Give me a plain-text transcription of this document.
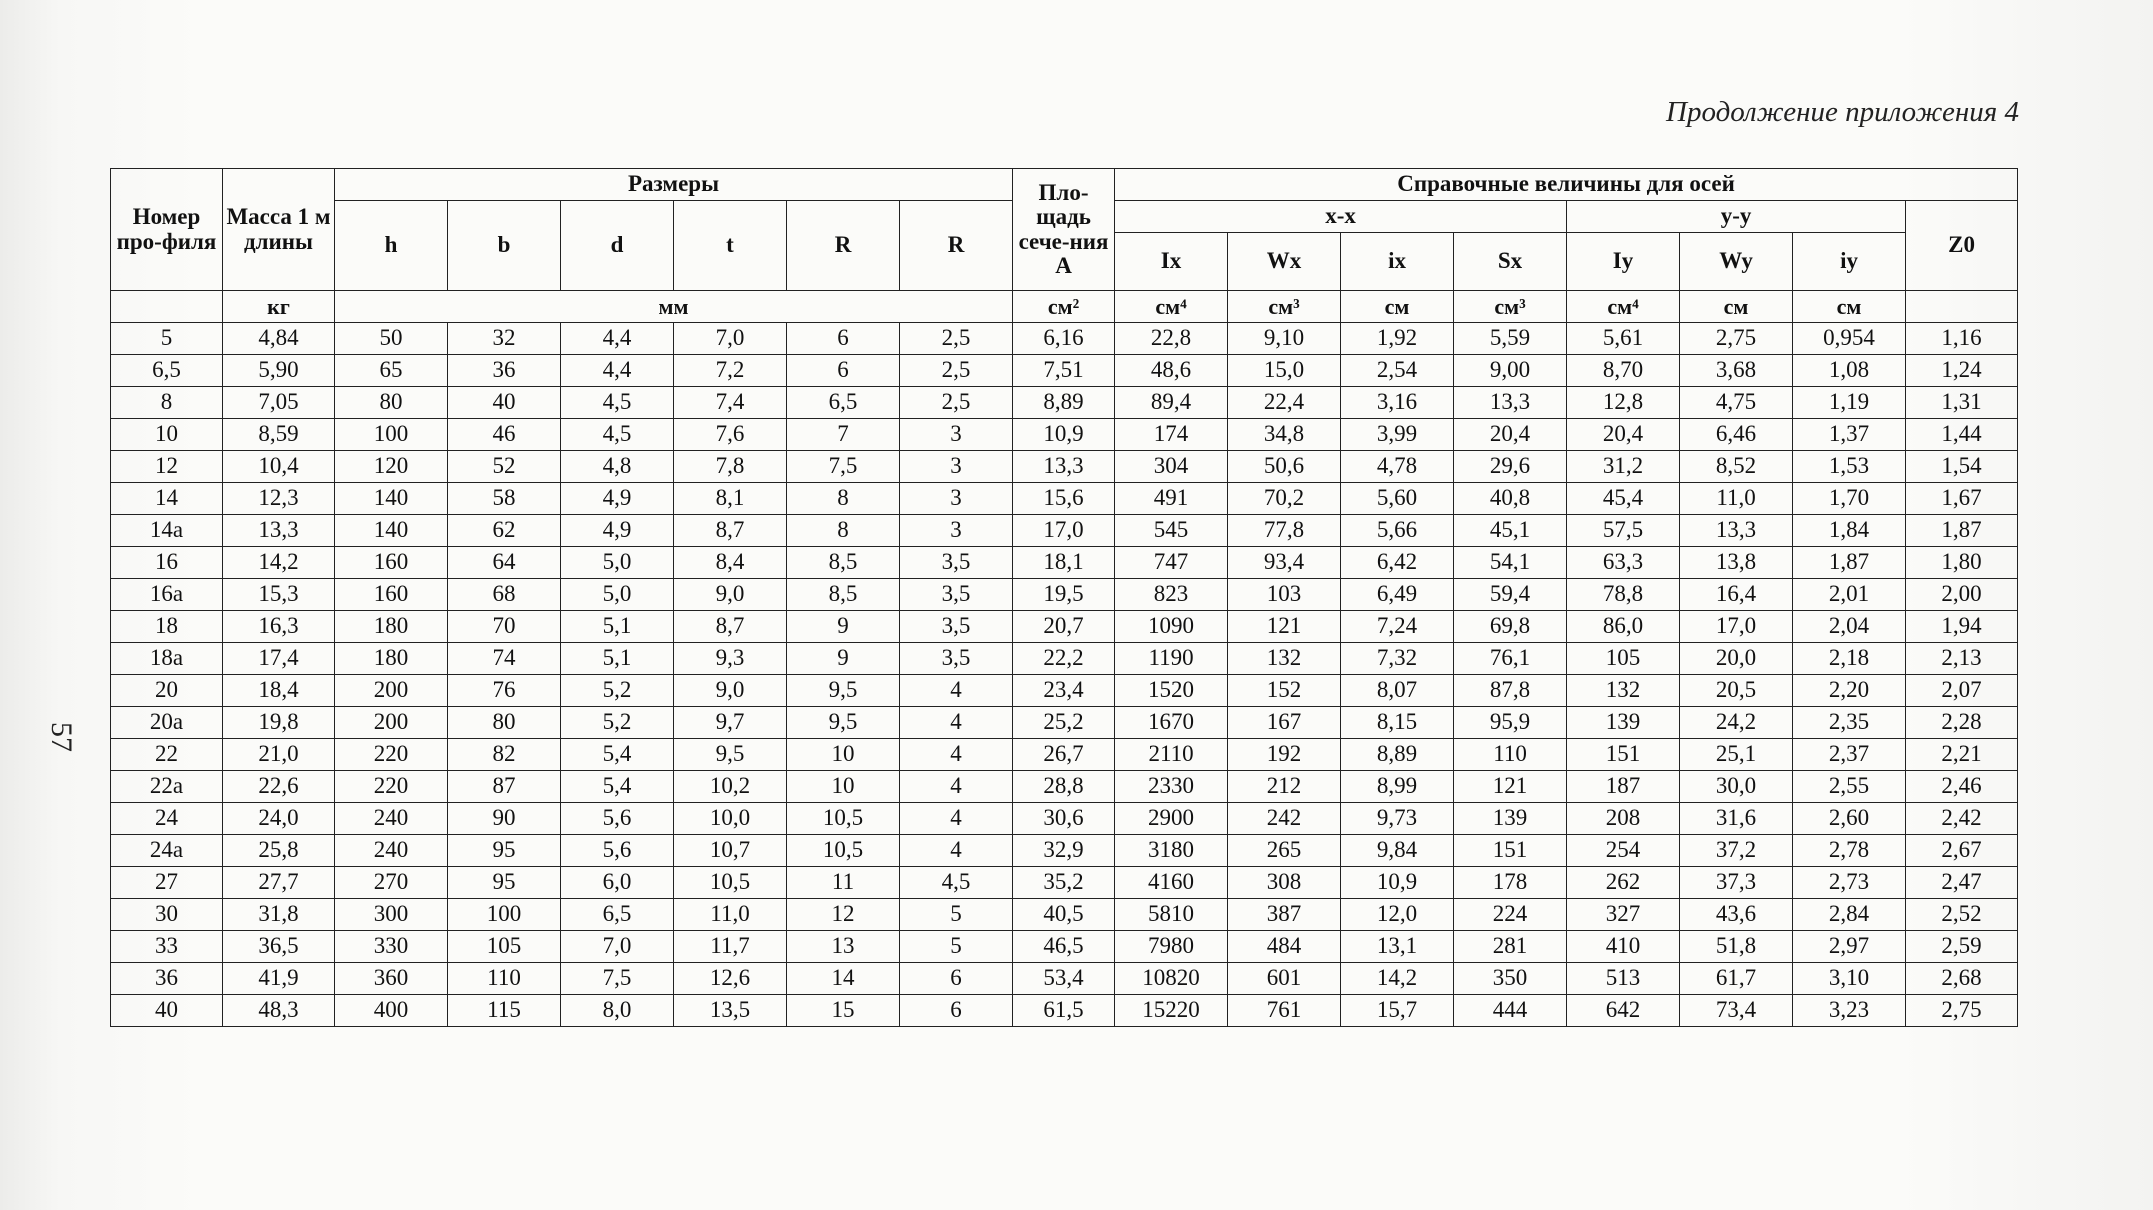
Продолжение приложения 4
57
Номер про-филя	Масса 1 м длины	Размеры						Пло-щадь сече-ния A	Справочные величины для осей							
		h	b	d	t	R	R		x-x				y-y			Z0
									Ix	Wx	ix	Sx	Iy	Wy	iy	

	кг	мм						см²	см⁴	см³	см	см³	см⁴	см	см	
5	4,84	50	32	4,4	7,0	6	2,5	6,16	22,8	9,10	1,92	5,59	5,61	2,75	0,954	1,16
6,5	5,90	65	36	4,4	7,2	6	2,5	7,51	48,6	15,0	2,54	9,00	8,70	3,68	1,08	1,24
8	7,05	80	40	4,5	7,4	6,5	2,5	8,89	89,4	22,4	3,16	13,3	12,8	4,75	1,19	1,31
10	8,59	100	46	4,5	7,6	7	3	10,9	174	34,8	3,99	20,4	20,4	6,46	1,37	1,44
12	10,4	120	52	4,8	7,8	7,5	3	13,3	304	50,6	4,78	29,6	31,2	8,52	1,53	1,54
14	12,3	140	58	4,9	8,1	8	3	15,6	491	70,2	5,60	40,8	45,4	11,0	1,70	1,67
14а	13,3	140	62	4,9	8,7	8	3	17,0	545	77,8	5,66	45,1	57,5	13,3	1,84	1,87
16	14,2	160	64	5,0	8,4	8,5	3,5	18,1	747	93,4	6,42	54,1	63,3	13,8	1,87	1,80
16а	15,3	160	68	5,0	9,0	8,5	3,5	19,5	823	103	6,49	59,4	78,8	16,4	2,01	2,00
18	16,3	180	70	5,1	8,7	9	3,5	20,7	1090	121	7,24	69,8	86,0	17,0	2,04	1,94
18а	17,4	180	74	5,1	9,3	9	3,5	22,2	1190	132	7,32	76,1	105	20,0	2,18	2,13
20	18,4	200	76	5,2	9,0	9,5	4	23,4	1520	152	8,07	87,8	132	20,5	2,20	2,07
20а	19,8	200	80	5,2	9,7	9,5	4	25,2	1670	167	8,15	95,9	139	24,2	2,35	2,28
22	21,0	220	82	5,4	9,5	10	4	26,7	2110	192	8,89	110	151	25,1	2,37	2,21
22а	22,6	220	87	5,4	10,2	10	4	28,8	2330	212	8,99	121	187	30,0	2,55	2,46
24	24,0	240	90	5,6	10,0	10,5	4	30,6	2900	242	9,73	139	208	31,6	2,60	2,42
24а	25,8	240	95	5,6	10,7	10,5	4	32,9	3180	265	9,84	151	254	37,2	2,78	2,67
27	27,7	270	95	6,0	10,5	11	4,5	35,2	4160	308	10,9	178	262	37,3	2,73	2,47
30	31,8	300	100	6,5	11,0	12	5	40,5	5810	387	12,0	224	327	43,6	2,84	2,52
33	36,5	330	105	7,0	11,7	13	5	46,5	7980	484	13,1	281	410	51,8	2,97	2,59
36	41,9	360	110	7,5	12,6	14	6	53,4	10820	601	14,2	350	513	61,7	3,10	2,68
40	48,3	400	115	8,0	13,5	15	6	61,5	15220	761	15,7	444	642	73,4	3,23	2,75
